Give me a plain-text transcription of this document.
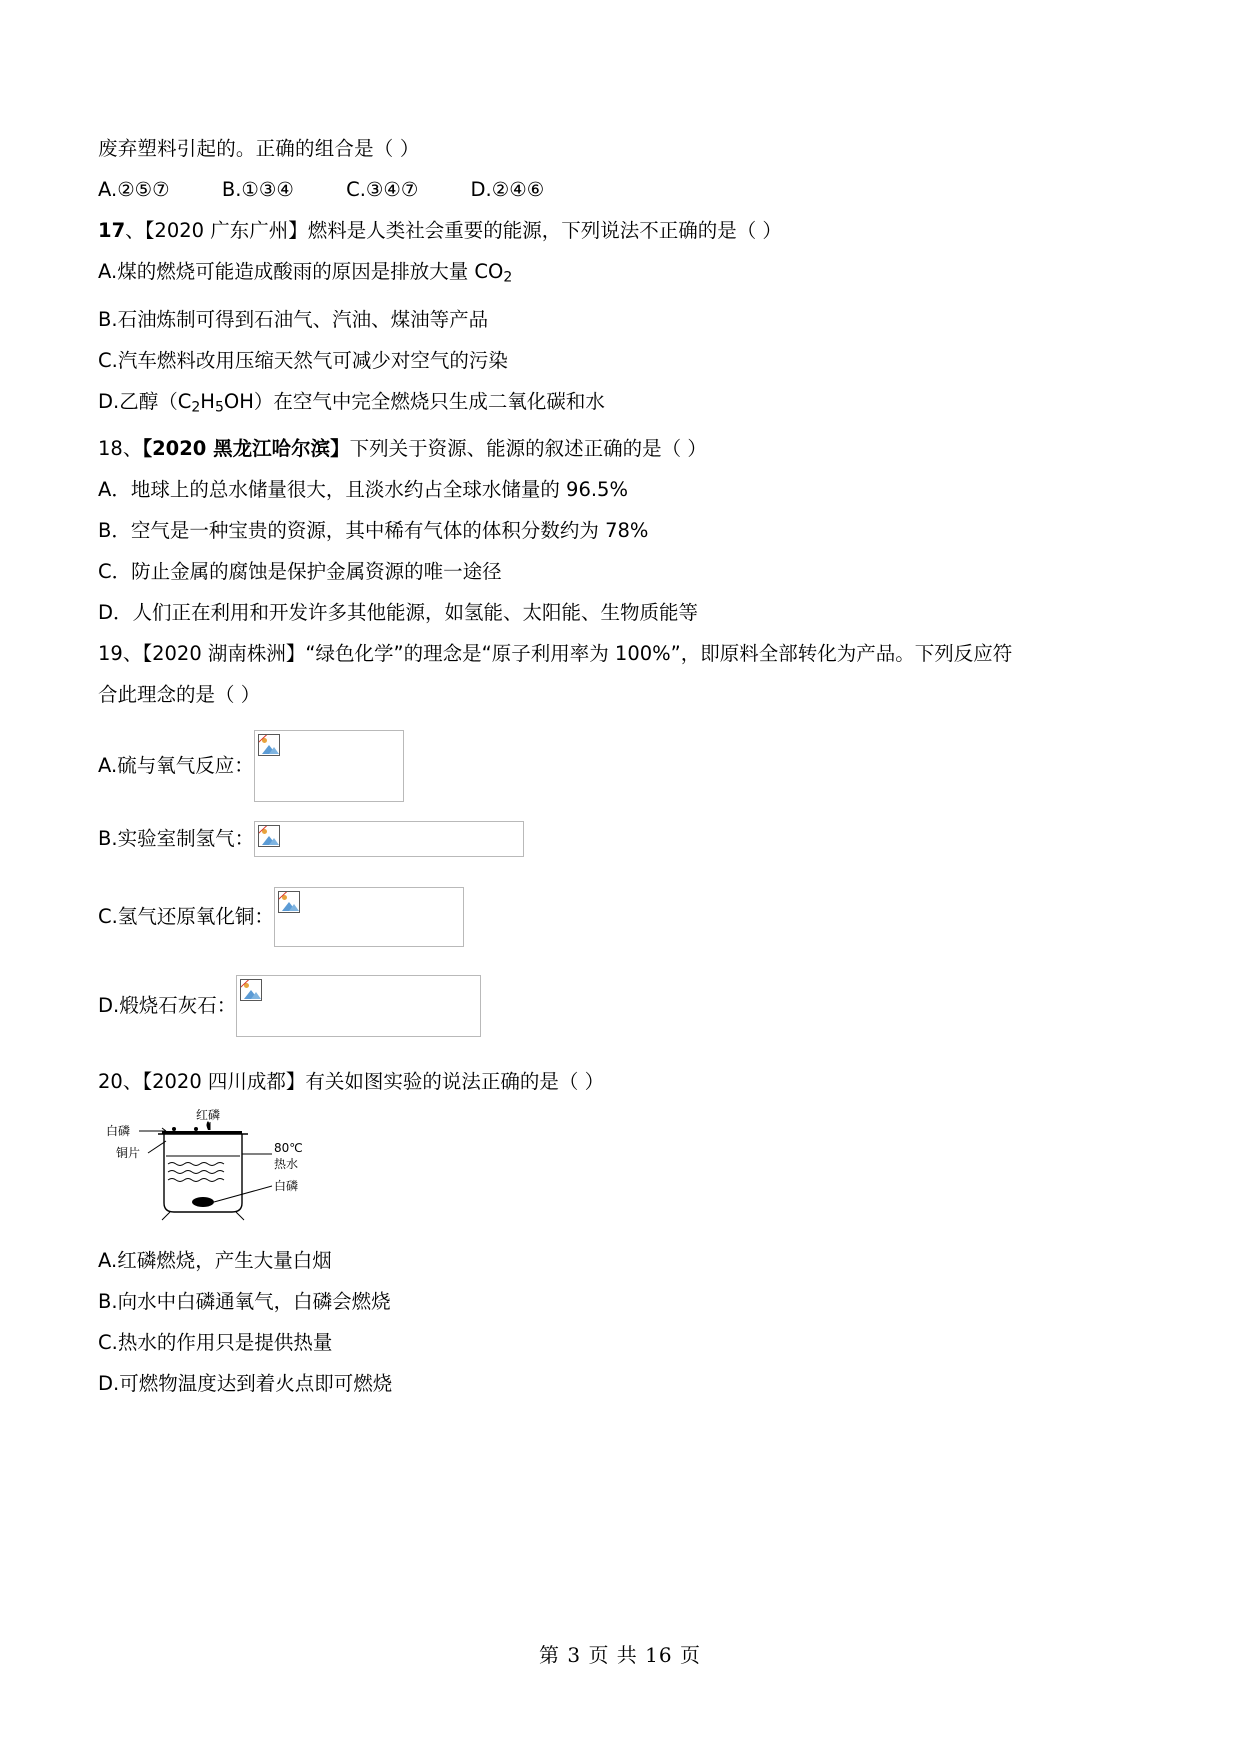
废弃塑料引起的。正确的组合是（ ）
A.②⑤⑦	B.①③④	C.③④⑦	D.②④⑥
17、【2020 广东广州】燃料是人类社会重要的能源，下列说法不正确的是（ ）
A.煤的燃烧可能造成酸雨的原因是排放大量 $CO_2$
B.石油炼制可得到石油气、汽油、煤油等产品
C.汽车燃料改用压缩天然气可减少对空气的污染
D.乙醇$(C_2H_5OH)$在空气中完全燃烧只生成二氧化碳和水
18、【2020 黑龙江哈尔滨】下列关于资源、能源的叙述正确的是（ ）
A．地球上的总水储量很大，且淡水约占全球水储量的 96.5%
B．空气是一种宝贵的资源，其中稀有气体的体积分数约为 78%
C．防止金属的腐蚀是保护金属资源的唯一途径
D．人们正在利用和开发许多其他能源，如氢能、太阳能、生物质能等
19、【2020 湖南株洲】“绿色化学”的理念是“原子利用率为 100%”，即原料全部转化为产品。下列反应符
合此理念的是（ ）
A.硫与氧气反应：
B.实验室制氢气：
C.氢气还原氧化铜：
D.煅烧石灰石：
20、【2020 四川成都】有关如图实验的说法正确的是（ ）
白磷
红磷
铜片	80℃
热水
白磷
A.红磷燃烧，产生大量白烟
B.向水中白磷通氧气，白磷会燃烧
C.热水的作用只是提供热量
D.可燃物温度达到着火点即可燃烧
第 3 页 共 16 页
